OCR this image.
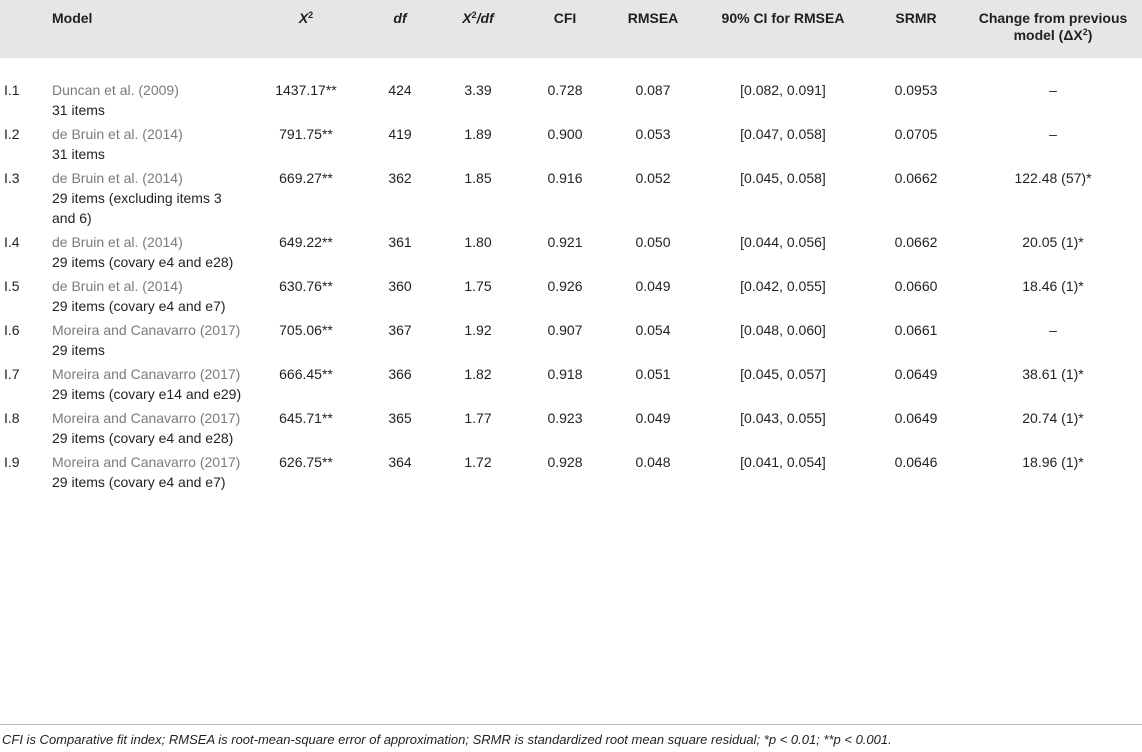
	Model	$X^2$	df	$X^2/df$	CFI	RMSEA	90% CI for RMSEA	SRMR	Change from previous
model $(\Delta X^2)$
I.1	Duncan et al. (2009)
31 items	1437.17**	424	3.39	0.728	0.087	[0.082, 0.091]	0.0953	–
I.2	de Bruin et al. (2014)
31 items	791.75**	419	1.89	0.900	0.053	[0.047, 0.058]	0.0705	–
I.3	de Bruin et al. (2014)
29 items (excluding items 3 and 6)	669.27**	362	1.85	0.916	0.052	[0.045, 0.058]	0.0662	122.48 (57)*
I.4	de Bruin et al. (2014)
29 items (covary e4 and e28)	649.22**	361	1.80	0.921	0.050	[0.044, 0.056]	0.0662	20.05 (1)*
I.5	de Bruin et al. (2014)
29 items (covary e4 and e7)	630.76**	360	1.75	0.926	0.049	[0.042, 0.055]	0.0660	18.46 (1)*
I.6	Moreira and Canavarro (2017)
29 items	705.06**	367	1.92	0.907	0.054	[0.048, 0.060]	0.0661	–
I.7	Moreira and Canavarro (2017)
29 items (covary e14 and e29)	666.45**	366	1.82	0.918	0.051	[0.045, 0.057]	0.0649	38.61 (1)*
I.8	Moreira and Canavarro (2017)
29 items (covary e4 and e28)	645.71**	365	1.77	0.923	0.049	[0.043, 0.055]	0.0649	20.74 (1)*
I.9	Moreira and Canavarro (2017)
29 items (covary e4 and e7)	626.75**	364	1.72	0.928	0.048	[0.041, 0.054]	0.0646	18.96 (1)*
CFI is Comparative fit index; RMSEA is root-mean-square error of approximation; SRMR is standardized root mean square residual; *p < 0.01; **p < 0.001.
